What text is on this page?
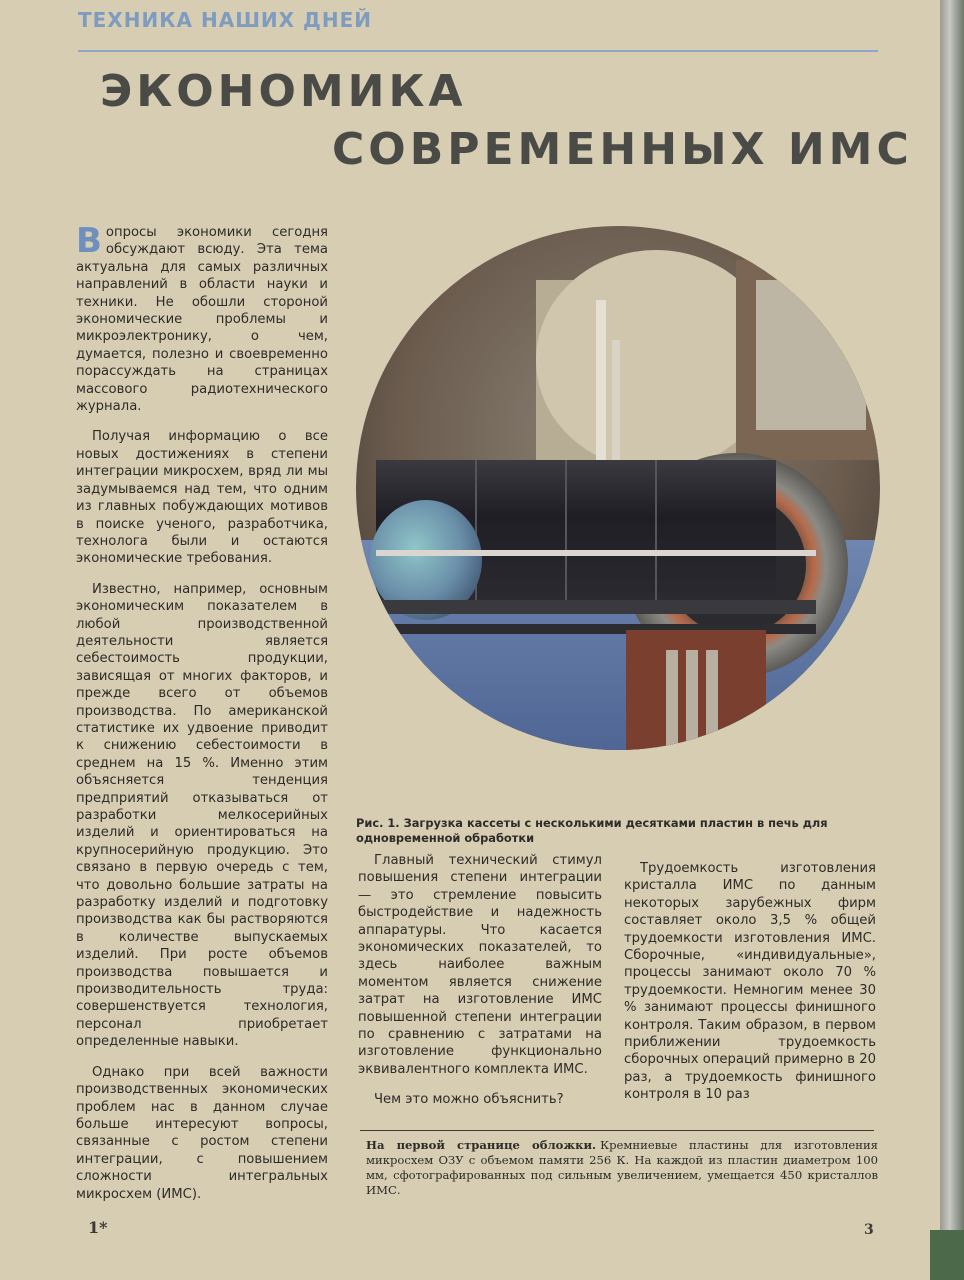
ТЕХНИКА НАШИХ ДНЕЙ
ЭКОНОМИКА
СОВРЕМЕННЫХ ИМС

Вопросы экономики сегодня обсуждают всюду. Эта тема актуальна для самых различных направлений в области науки и техники. Не обошли стороной экономические проблемы и микроэлектронику, о чем, думается, полезно и своевременно порассуждать на страницах массового радиотехнического журнала.

Получая информацию о все новых достижениях в степени интеграции микросхем, вряд ли мы задумываемся над тем, что одним из главных побуждающих мотивов в поиске ученого, разработчика, технолога были и остаются экономические требования.

Известно, например, основным экономическим показателем в любой производственной деятельности является себестоимость продукции, зависящая от многих факторов, и прежде всего от объемов производства. По американской статистике их удвоение приводит к снижению себестоимости в среднем на 15 %. Именно этим объясняется тенденция предприятий отказываться от разработки мелкосерийных изделий и ориентироваться на крупносерийную продукцию. Это связано в первую очередь с тем, что довольно большие затраты на разработку изделий и подготовку производства как бы растворяются в количестве выпускаемых изделий. При росте объемов производства повышается и производительность труда: совершенствуется технология, персонал приобретает определенные навыки.

Однако при всей важности производственных экономических проблем нас в данном случае больше интересуют вопросы, связанные с ростом степени интеграции, с повышением сложности интегральных микросхем (ИМС).

Рис. 1. Загрузка кассеты с несколькими десятками пластин в печь для одновременной обработки

Главный технический стимул повышения степени интеграции — это стремление повысить быстродействие и надежность аппаратуры. Что касается экономических показателей, то здесь наиболее важным моментом является снижение затрат на изготовление ИМС повышенной степени интеграции по сравнению с затратами на изготовление функционально эквивалентного комплекта ИМС.

Чем это можно объяснить?

Трудоемкость изготовления кристалла ИМС по данным некоторых зарубежных фирм составляет около 3,5 % общей трудоемкости изготовления ИМС. Сборочные, «индивидуальные», процессы занимают около 70 % трудоемкости. Немногим менее 30 % занимают процессы финишного контроля. Таким образом, в первом приближении трудоемкость сборочных операций примерно в 20 раз, а трудоемкость финишного контроля в 10 раз

На первой странице обложки. Кремниевые пластины для изготовления микросхем ОЗУ с объемом памяти 256 К. На каждой из пластин диаметром 100 мм, сфотографированных под сильным увеличением, умещается 450 кристаллов ИМС.
1*	3
